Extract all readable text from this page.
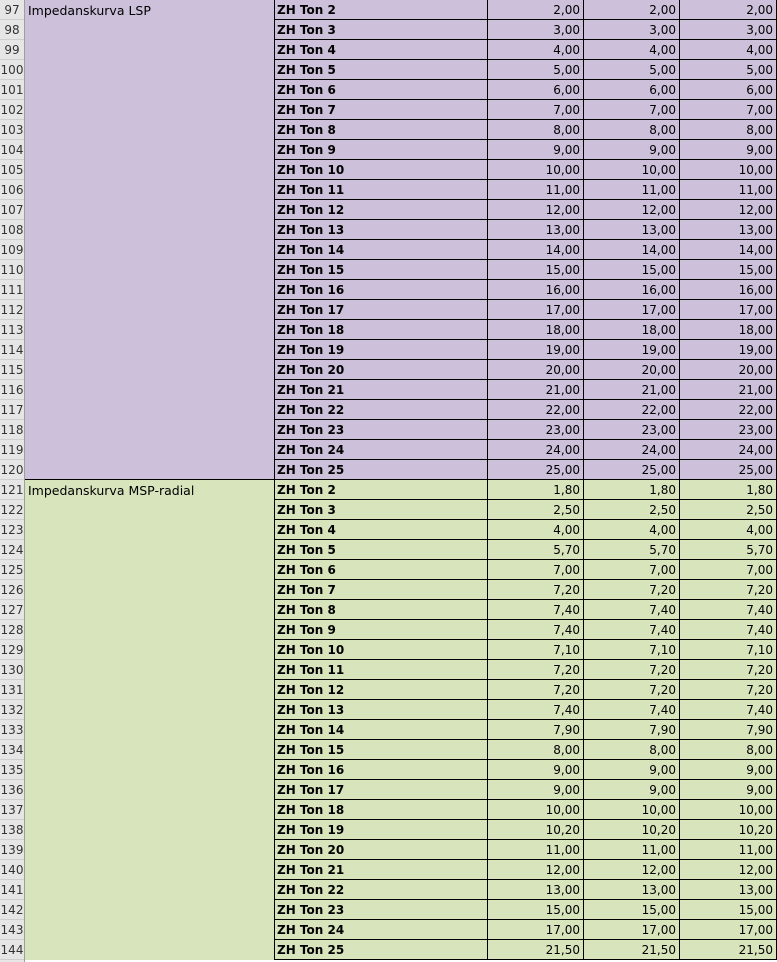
Impedanskurva LSP
97	ZH Ton 2	2,00	2,00	2,00
98	ZH Ton 3	3,00	3,00	3,00
99	ZH Ton 4	4,00	4,00	4,00
100	ZH Ton 5	5,00	5,00	5,00
101	ZH Ton 6	6,00	6,00	6,00
102	ZH Ton 7	7,00	7,00	7,00
103	ZH Ton 8	8,00	8,00	8,00
104	ZH Ton 9	9,00	9,00	9,00
105	ZH Ton 10	10,00	10,00	10,00
106	ZH Ton 11	11,00	11,00	11,00
107	ZH Ton 12	12,00	12,00	12,00
108	ZH Ton 13	13,00	13,00	13,00
109	ZH Ton 14	14,00	14,00	14,00
110	ZH Ton 15	15,00	15,00	15,00
111	ZH Ton 16	16,00	16,00	16,00
112	ZH Ton 17	17,00	17,00	17,00
113	ZH Ton 18	18,00	18,00	18,00
114	ZH Ton 19	19,00	19,00	19,00
115	ZH Ton 20	20,00	20,00	20,00
116	ZH Ton 21	21,00	21,00	21,00
117	ZH Ton 22	22,00	22,00	22,00
118	ZH Ton 23	23,00	23,00	23,00
119	ZH Ton 24	24,00	24,00	24,00
120	ZH Ton 25	25,00	25,00	25,00
Impedanskurva MSP-radial
121	ZH Ton 2	1,80	1,80	1,80
122	ZH Ton 3	2,50	2,50	2,50
123	ZH Ton 4	4,00	4,00	4,00
124	ZH Ton 5	5,70	5,70	5,70
125	ZH Ton 6	7,00	7,00	7,00
126	ZH Ton 7	7,20	7,20	7,20
127	ZH Ton 8	7,40	7,40	7,40
128	ZH Ton 9	7,40	7,40	7,40
129	ZH Ton 10	7,10	7,10	7,10
130	ZH Ton 11	7,20	7,20	7,20
131	ZH Ton 12	7,20	7,20	7,20
132	ZH Ton 13	7,40	7,40	7,40
133	ZH Ton 14	7,90	7,90	7,90
134	ZH Ton 15	8,00	8,00	8,00
135	ZH Ton 16	9,00	9,00	9,00
136	ZH Ton 17	9,00	9,00	9,00
137	ZH Ton 18	10,00	10,00	10,00
138	ZH Ton 19	10,20	10,20	10,20
139	ZH Ton 20	11,00	11,00	11,00
140	ZH Ton 21	12,00	12,00	12,00
141	ZH Ton 22	13,00	13,00	13,00
142	ZH Ton 23	15,00	15,00	15,00
143	ZH Ton 24	17,00	17,00	17,00
144	ZH Ton 25	21,50	21,50	21,50
